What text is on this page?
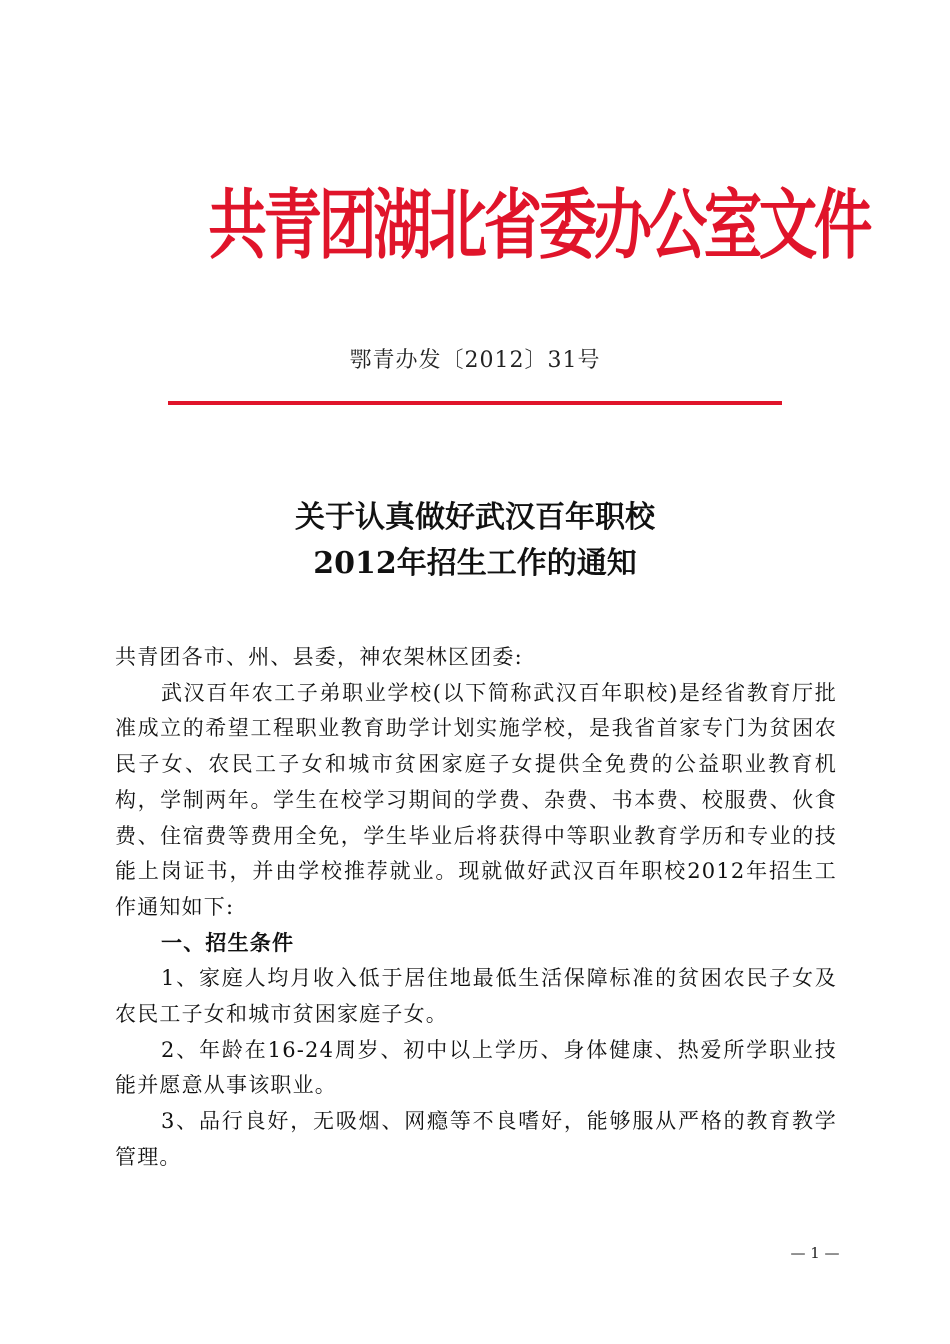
共青团湖北省委办公室文件
鄂青办发〔2012〕31号
关于认真做好武汉百年职校
2012年招生工作的通知

共青团各市、州、县委，神农架林区团委:

武汉百年农工子弟职业学校(以下简称武汉百年职校)是经省教育厅批准成立的希望工程职业教育助学计划实施学校，是我省首家专门为贫困农民子女、农民工子女和城市贫困家庭子女提供全免费的公益职业教育机构，学制两年。学生在校学习期间的学费、杂费、书本费、校服费、伙食费、住宿费等费用全免，学生毕业后将获得中等职业教育学历和专业的技能上岗证书，并由学校推荐就业。现就做好武汉百年职校2012年招生工作通知如下:

一、招生条件

1、家庭人均月收入低于居住地最低生活保障标准的贫困农民子女及农民工子女和城市贫困家庭子女。

2、年龄在16-24周岁、初中以上学历、身体健康、热爱所学职业技能并愿意从事该职业。

3、品行良好，无吸烟、网瘾等不良嗜好，能够服从严格的教育教学管理。

— 1 —
